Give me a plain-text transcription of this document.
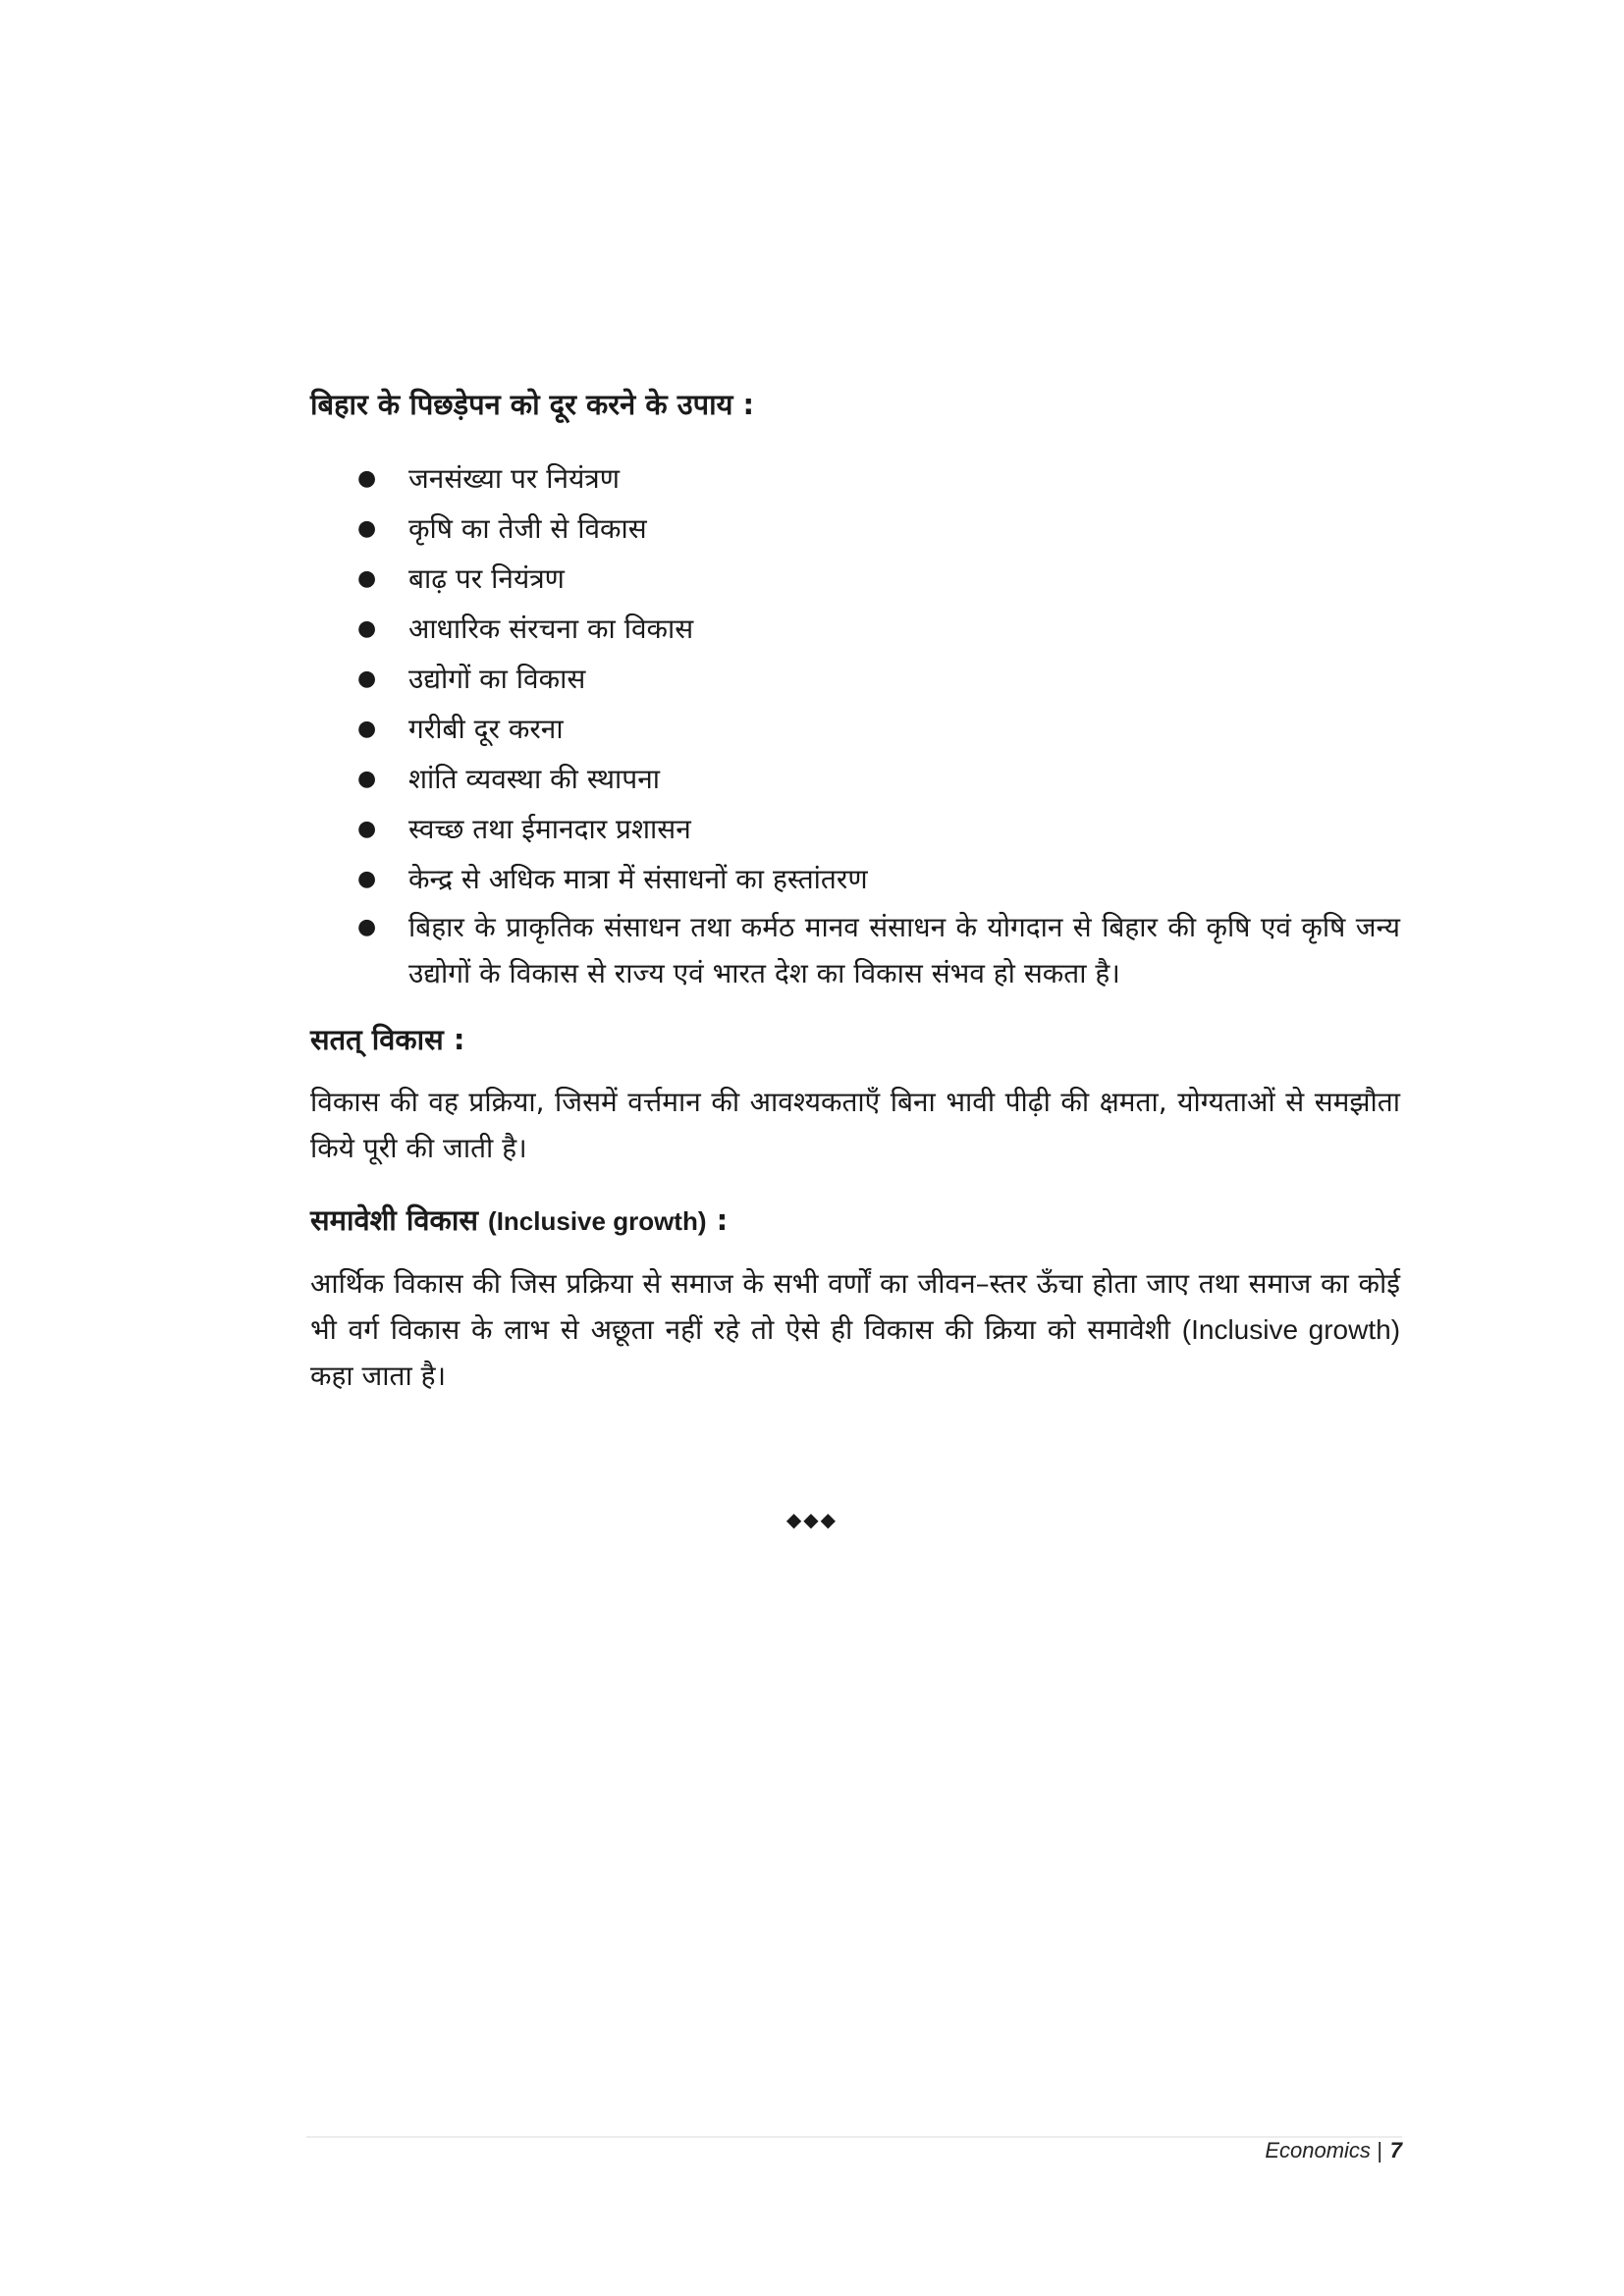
बिहार के पिछड़ेपन को दूर करने के उपाय :
● जनसंख्या पर नियंत्रण
● कृषि का तेजी से विकास
● बाढ़ पर नियंत्रण
● आधारिक संरचना का विकास
● उद्योगों का विकास
● गरीबी दूर करना
● शांति व्यवस्था की स्थापना
● स्वच्छ तथा ईमानदार प्रशासन
● केन्द्र से अधिक मात्रा में संसाधनों का हस्तांतरण
● बिहार के प्राकृतिक संसाधन तथा कर्मठ मानव संसाधन के योगदान से बिहार की कृषि एवं कृषि जन्य उद्योगों के विकास से राज्य एवं भारत देश का विकास संभव हो सकता है।
सतत् विकास :

विकास की वह प्रक्रिया, जिसमें वर्त्तमान की आवश्यकताएँ बिना भावी पीढ़ी की क्षमता, योग्यताओं से समझौता किये पूरी की जाती है।

समावेशी विकास (Inclusive growth) :

आर्थिक विकास की जिस प्रक्रिया से समाज के सभी वर्णों का जीवन–स्तर ऊँचा होता जाए तथा समाज का कोई भी वर्ग विकास के लाभ से अछूता नहीं रहे तो ऐसे ही विकास की क्रिया को समावेशी (Inclusive growth) कहा जाता है।

◆◆◆
Economics | 7
